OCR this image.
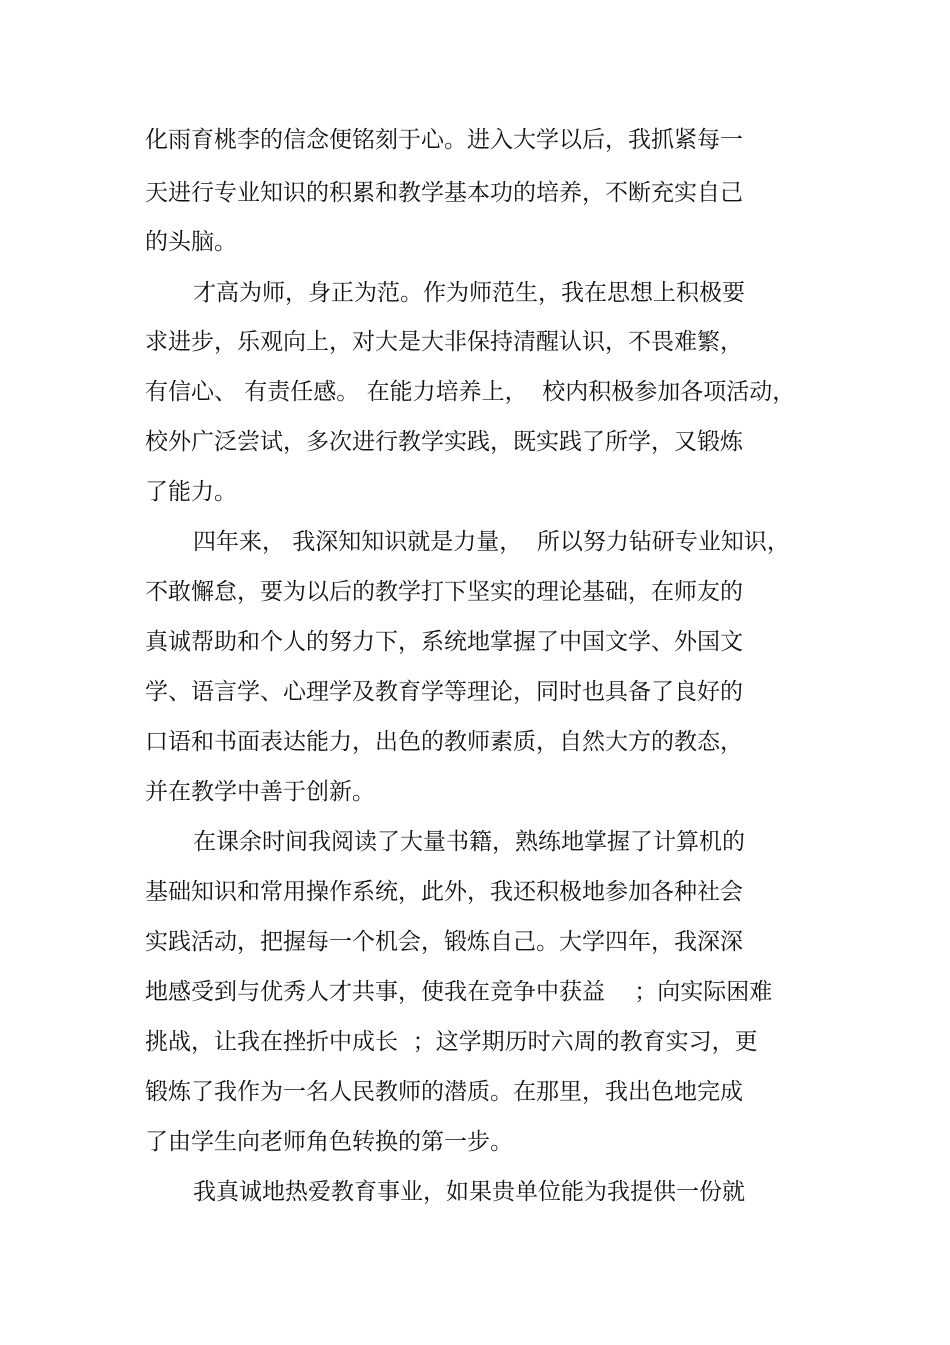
化雨育桃李的信念便铭刻于心。进入大学以后，我抓紧每一
天进行专业知识的积累和教学基本功的培养，不断充实自己
的头脑。
才高为师，身正为范。作为师范生，我在思想上积极要
求进步，乐观向上，对大是大非保持清醒认识，不畏难繁，
有信心、 有责任感。 在能力培养上，  校内积极参加各项活动，
校外广泛尝试，多次进行教学实践，既实践了所学，又锻炼
了能力。
四年来， 我深知知识就是力量，  所以努力钻研专业知识，
不敢懈怠，要为以后的教学打下坚实的理论基础，在师友的
真诚帮助和个人的努力下，系统地掌握了中国文学、外国文
学、语言学、心理学及教育学等理论，同时也具备了良好的
口语和书面表达能力，出色的教师素质，自然大方的教态，
并在教学中善于创新。
在课余时间我阅读了大量书籍，熟练地掌握了计算机的
基础知识和常用操作系统，此外，我还积极地参加各种社会
实践活动，把握每一个机会，锻炼自己。大学四年，我深深
地感受到与优秀人才共事，使我在竞争中获益    ；向实际困难
挑战，让我在挫折中成长  ；这学期历时六周的教育实习，更
锻炼了我作为一名人民教师的潜质。在那里，我出色地完成
了由学生向老师角色转换的第一步。
我真诚地热爱教育事业，如果贵单位能为我提供一份就
